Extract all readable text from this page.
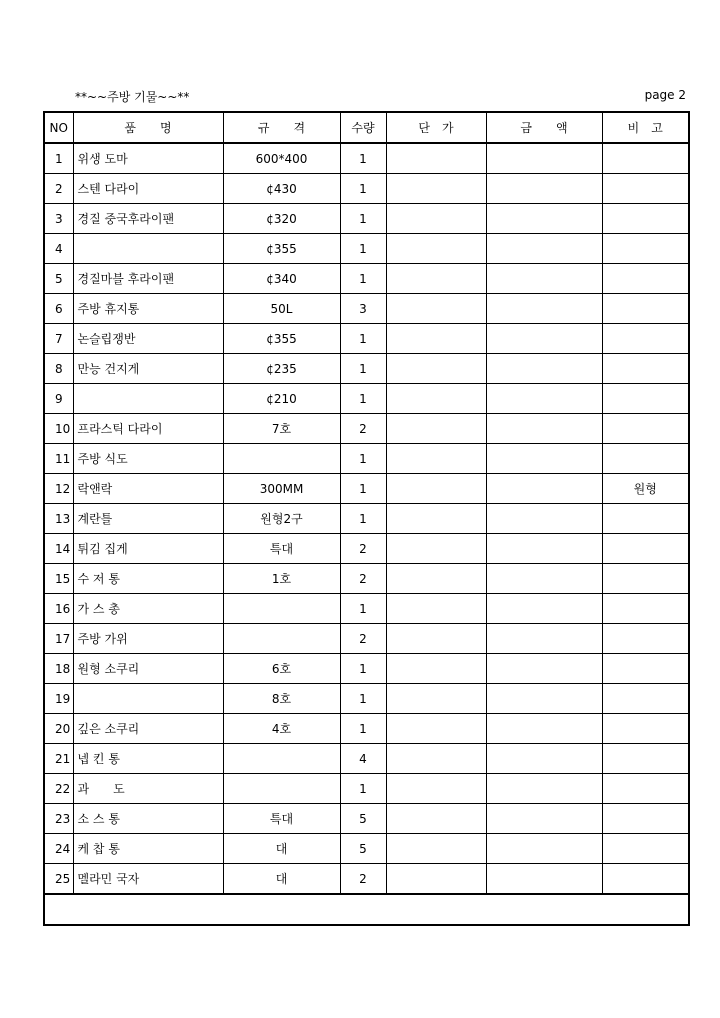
**~~주방 기물~~**	page 2
NO	품　　명	규　　격	수량	단　가	금　　액	비　고
1	위생 도마	600*400	1			
2	스텐 다라이	¢430	1			
3	경질 중국후라이팬	¢320	1			
4		¢355	1			
5	경질마블 후라이팬	¢340	1			
6	주방 휴지통	50L	3			
7	논슬립쟁반	¢355	1			
8	만능 건지게	¢235	1			
9		¢210	1			
10	프라스틱 다라이	7호	2			
11	주방 식도		1			
12	락앤락	300MM	1			원형
13	계란틀	원형2구	1			
14	튀김 집게	특대	2			
15	수 저 통	1호	2			
16	가 스 총		1			
17	주방 가위		2			
18	원형 소쿠리	6호	1			
19		8호	1			
20	깊은 소쿠리	4호	1			
21	넵 킨 통		4			
22	과　　도		1			
23	소 스 통	특대	5			
24	케 찹 통	대	5			
25	멜라민 국자	대	2			
